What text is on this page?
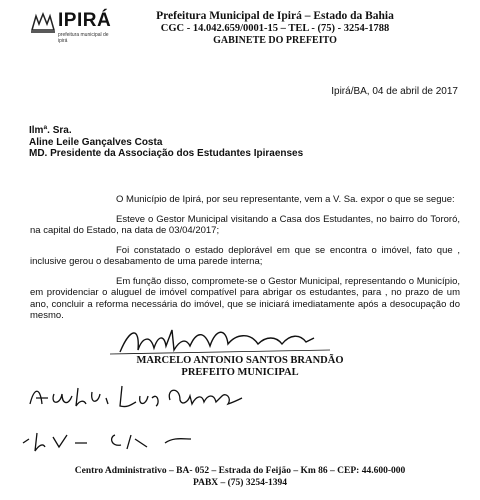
IPIRÁ
prefeitura municipal de ipirá
Prefeitura Municipal de Ipirá – Estado da Bahia
CGC - 14.042.659/0001-15 – TEL - (75) - 3254-1788
GABINETE DO PREFEITO
Ipirá/BA, 04 de abril de 2017
Ilmª. Sra.
Aline Leile Gançalves Costa
MD. Presidente da Associação dos Estudantes Ipiraenses

O Município de Ipirá, por seu representante, vem a V. Sa. expor o que se segue:

Esteve o Gestor Municipal visitando a Casa dos Estudantes, no bairro do Tororó, na capital do Estado, na data de 03/04/2017;

Foi constatado o estado deplorável em que se encontra o imóvel, fato que , inclusive gerou o desabamento de uma parede interna;

Em função disso, compromete-se o Gestor Municipal, representando o Município, em providenciar o aluguel de imóvel compatível para abrigar os estudantes, para , no prazo de um ano, concluir a reforma necessária do imóvel, que se iniciará imediatamente após a desocupação do mesmo.

MARCELO ANTONIO SANTOS BRANDÃO
PREFEITO MUNICIPAL
Centro Administrativo – BA- 052 – Estrada do Feijão – Km 86 – CEP: 44.600-000
PABX – (75) 3254-1394
